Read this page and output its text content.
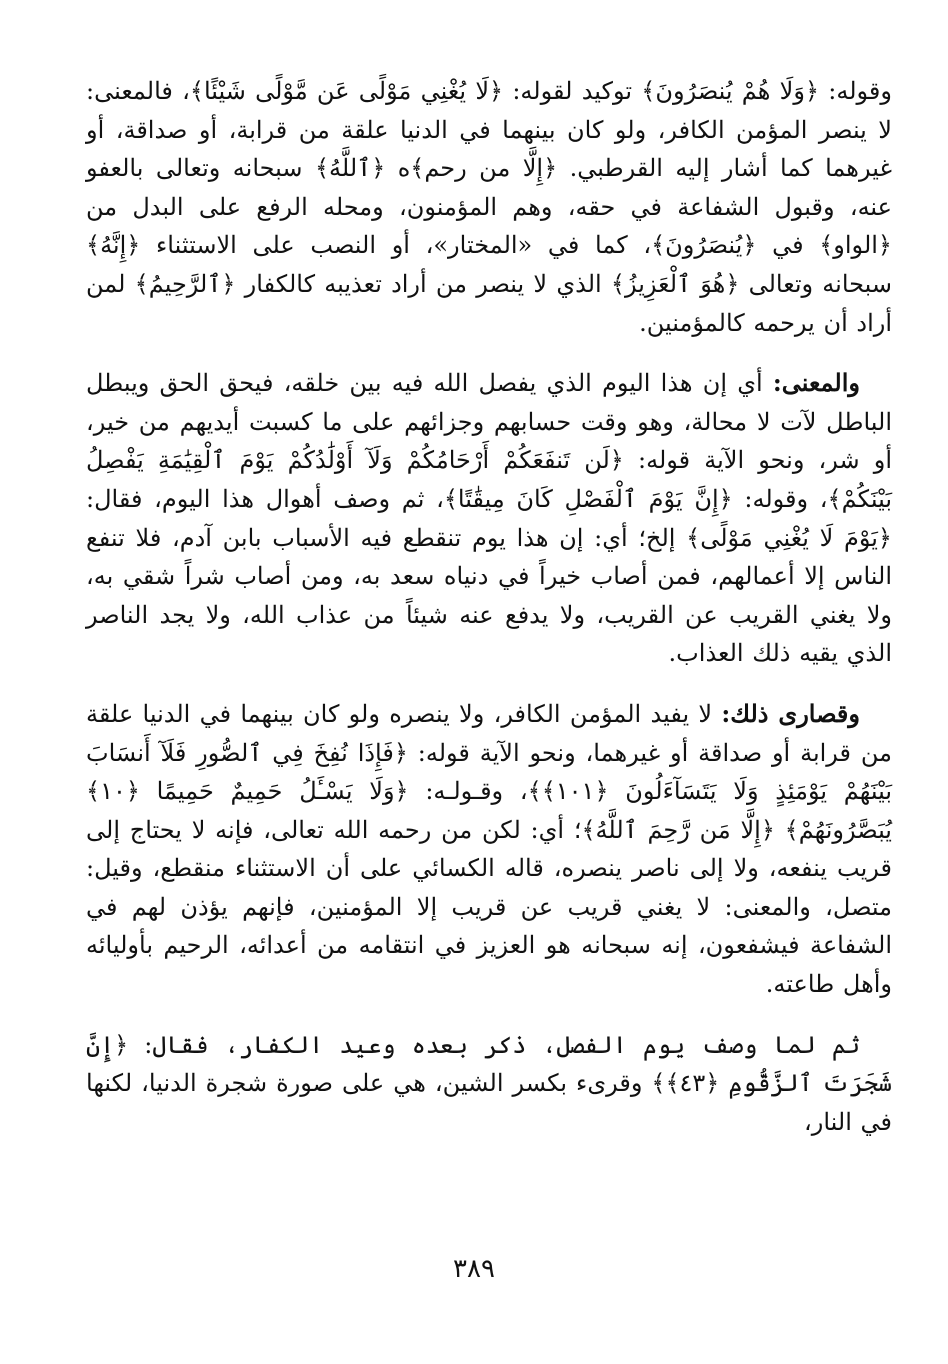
وقوله: ﴿وَلَا هُمْ يُنصَرُونَ﴾ توكيد لقوله: ﴿لَا يُغْنِي مَوْلًى عَن مَّوْلًى شَيْئًا﴾، فالمعنى: لا ينصر المؤمن الكافر، ولو كان بينهما في الدنيا علقة من قرابة، أو صداقة، أو غيرهما كما أشار إليه القرطبي. ﴿إِلَّا من رحم﴾ه ﴿ٱللَّهُ﴾ سبحانه وتعالى بالعفو عنه، وقبول الشفاعة في حقه، وهم المؤمنون، ومحله الرفع على البدل من ﴿الواو﴾ في ﴿يُنصَرُونَ﴾، كما في «المختار»، أو النصب على الاستثناء ﴿إِنَّهُ﴾ سبحانه وتعالى ﴿هُوَ ٱلْعَزِيزُ﴾ الذي لا ينصر من أراد تعذيبه كالكفار ﴿ٱلرَّحِيمُ﴾ لمن أراد أن يرحمه كالمؤمنين.

والمعنى: أي إن هذا اليوم الذي يفصل الله فيه بين خلقه، فيحق الحق ويبطل الباطل لآت لا محالة، وهو وقت حسابهم وجزائهم على ما كسبت أيديهم من خير، أو شر، ونحو الآية قوله: ﴿لَن تَنفَعَكُمْ أَرْحَامُكُمْ وَلَآ أَوْلَٰدُكُمْ يَوْمَ ٱلْقِيَٰمَةِ يَفْصِلُ بَيْنَكُمْ﴾، وقوله: ﴿إِنَّ يَوْمَ ٱلْفَصْلِ كَانَ مِيقَٰتًا﴾، ثم وصف أهوال هذا اليوم، فقال: ﴿يَوْمَ لَا يُغْنِي مَوْلًى﴾ إلخ؛ أي: إن هذا يوم تنقطع فيه الأسباب بابن آدم، فلا تنفع الناس إلا أعمالهم، فمن أصاب خيراً في دنياه سعد به، ومن أصاب شراً شقي به، ولا يغني القريب عن القريب، ولا يدفع عنه شيئاً من عذاب الله، ولا يجد الناصر الذي يقيه ذلك العذاب.

وقصارى ذلك: لا يفيد المؤمن الكافر، ولا ينصره ولو كان بينهما في الدنيا علقة من قرابة أو صداقة أو غيرهما، ونحو الآية قوله: ﴿فَإِذَا نُفِخَ فِي ٱلصُّورِ فَلَآ أَنسَابَ بَيْنَهُمْ يَوْمَئِذٍ وَلَا يَتَسَآءَلُونَ ﴿١٠١﴾﴾، وقـولـه: ﴿وَلَا يَسْـَٔلُ حَمِيمٌ حَمِيمًا ﴿١٠﴾ يُبَصَّرُونَهُمْ﴾ ﴿إِلَّا مَن رَّحِمَ ٱللَّهُ﴾؛ أي: لكن من رحمه الله تعالى، فإنه لا يحتاج إلى قريب ينفعه، ولا إلى ناصر ينصره، قاله الكسائي على أن الاستثناء منقطع، وقيل: متصل، والمعنى: لا يغني قريب عن قريب إلا المؤمنين، فإنهم يؤذن لهم في الشفاعة فيشفعون، إنه سبحانه هو العزيز في انتقامه من أعدائه، الرحيم بأوليائه وأهل طاعته.

ثم لما وصف يوم الفصل، ذكر بعده وعيد الكفار، فقال: ﴿إِنَّ شَجَرَتَ ٱلزَّقُّومِ ﴿٤٣﴾﴾ وقرىء بكسر الشين، هي على صورة شجرة الدنيا، لكنها في النار،

٣٨٩
